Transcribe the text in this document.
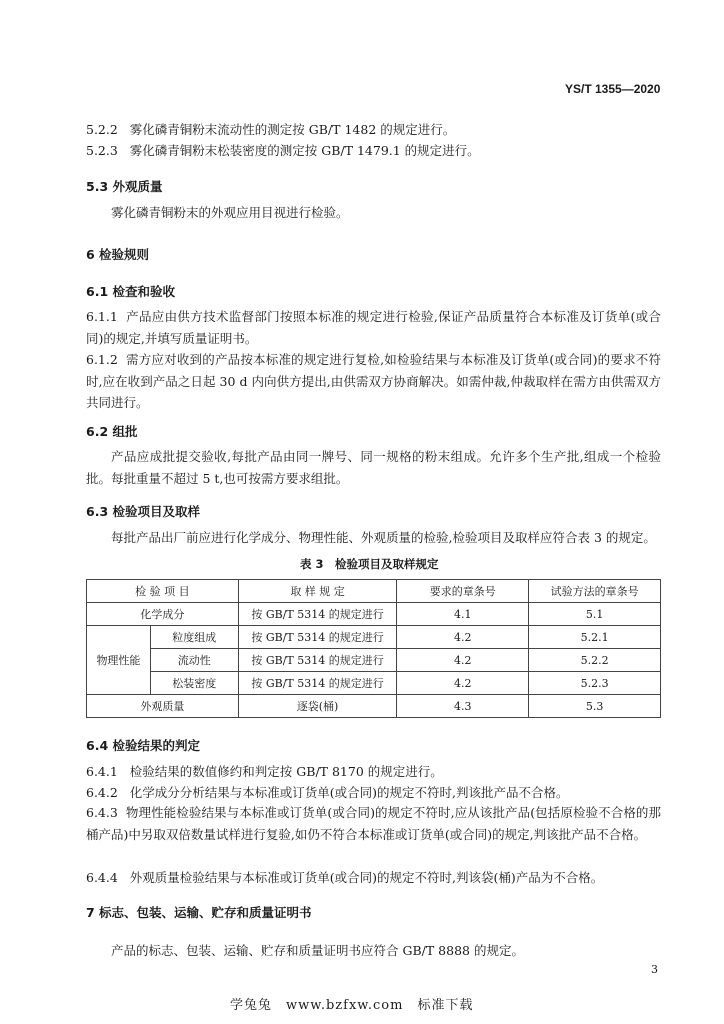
YS/T 1355—2020
5.2.2 雾化磷青铜粉末流动性的测定按 GB/T 1482 的规定进行。
5.2.3 雾化磷青铜粉末松装密度的测定按 GB/T 1479.1 的规定进行。
5.3 外观质量
雾化磷青铜粉末的外观应用目视进行检验。
6 检验规则
6.1 检查和验收
6.1.1 产品应由供方技术监督部门按照本标准的规定进行检验,保证产品质量符合本标准及订货单(或合同)的规定,并填写质量证明书。
6.1.2 需方应对收到的产品按本标准的规定进行复检,如检验结果与本标准及订货单(或合同)的要求不符时,应在收到产品之日起 30 d 内向供方提出,由供需双方协商解决。如需仲裁,仲裁取样在需方由供需双方共同进行。
6.2 组批
产品应成批提交验收,每批产品由同一牌号、同一规格的粉末组成。允许多个生产批,组成一个检验批。每批重量不超过 5 t,也可按需方要求组批。
6.3 检验项目及取样
每批产品出厂前应进行化学成分、物理性能、外观质量的检验,检验项目及取样应符合表 3 的规定。
表 3　检验项目及取样规定
检 验 项 目		取 样 规 定	要求的章条号	试验方法的章条号
化学成分		按 GB/T 5314 的规定进行	4.1	5.1
物理性能	粒度组成	按 GB/T 5314 的规定进行	4.2	5.2.1
	流动性	按 GB/T 5314 的规定进行	4.2	5.2.2
	松装密度	按 GB/T 5314 的规定进行	4.2	5.2.3
外观质量		逐袋(桶)	4.3	5.3
6.4 检验结果的判定
6.4.1 检验结果的数值修约和判定按 GB/T 8170 的规定进行。
6.4.2 化学成分分析结果与本标准或订货单(或合同)的规定不符时,判该批产品不合格。
6.4.3 物理性能检验结果与本标准或订货单(或合同)的规定不符时,应从该批产品(包括原检验不合格的那桶产品)中另取双倍数量试样进行复验,如仍不符合本标准或订货单(或合同)的规定,判该批产品不合格。
6.4.4 外观质量检验结果与本标准或订货单(或合同)的规定不符时,判该袋(桶)产品为不合格。
7 标志、包装、运输、贮存和质量证明书
产品的标志、包装、运输、贮存和质量证明书应符合 GB/T 8888 的规定。
3
学兔兔　www.bzfxw.com　标准下载
